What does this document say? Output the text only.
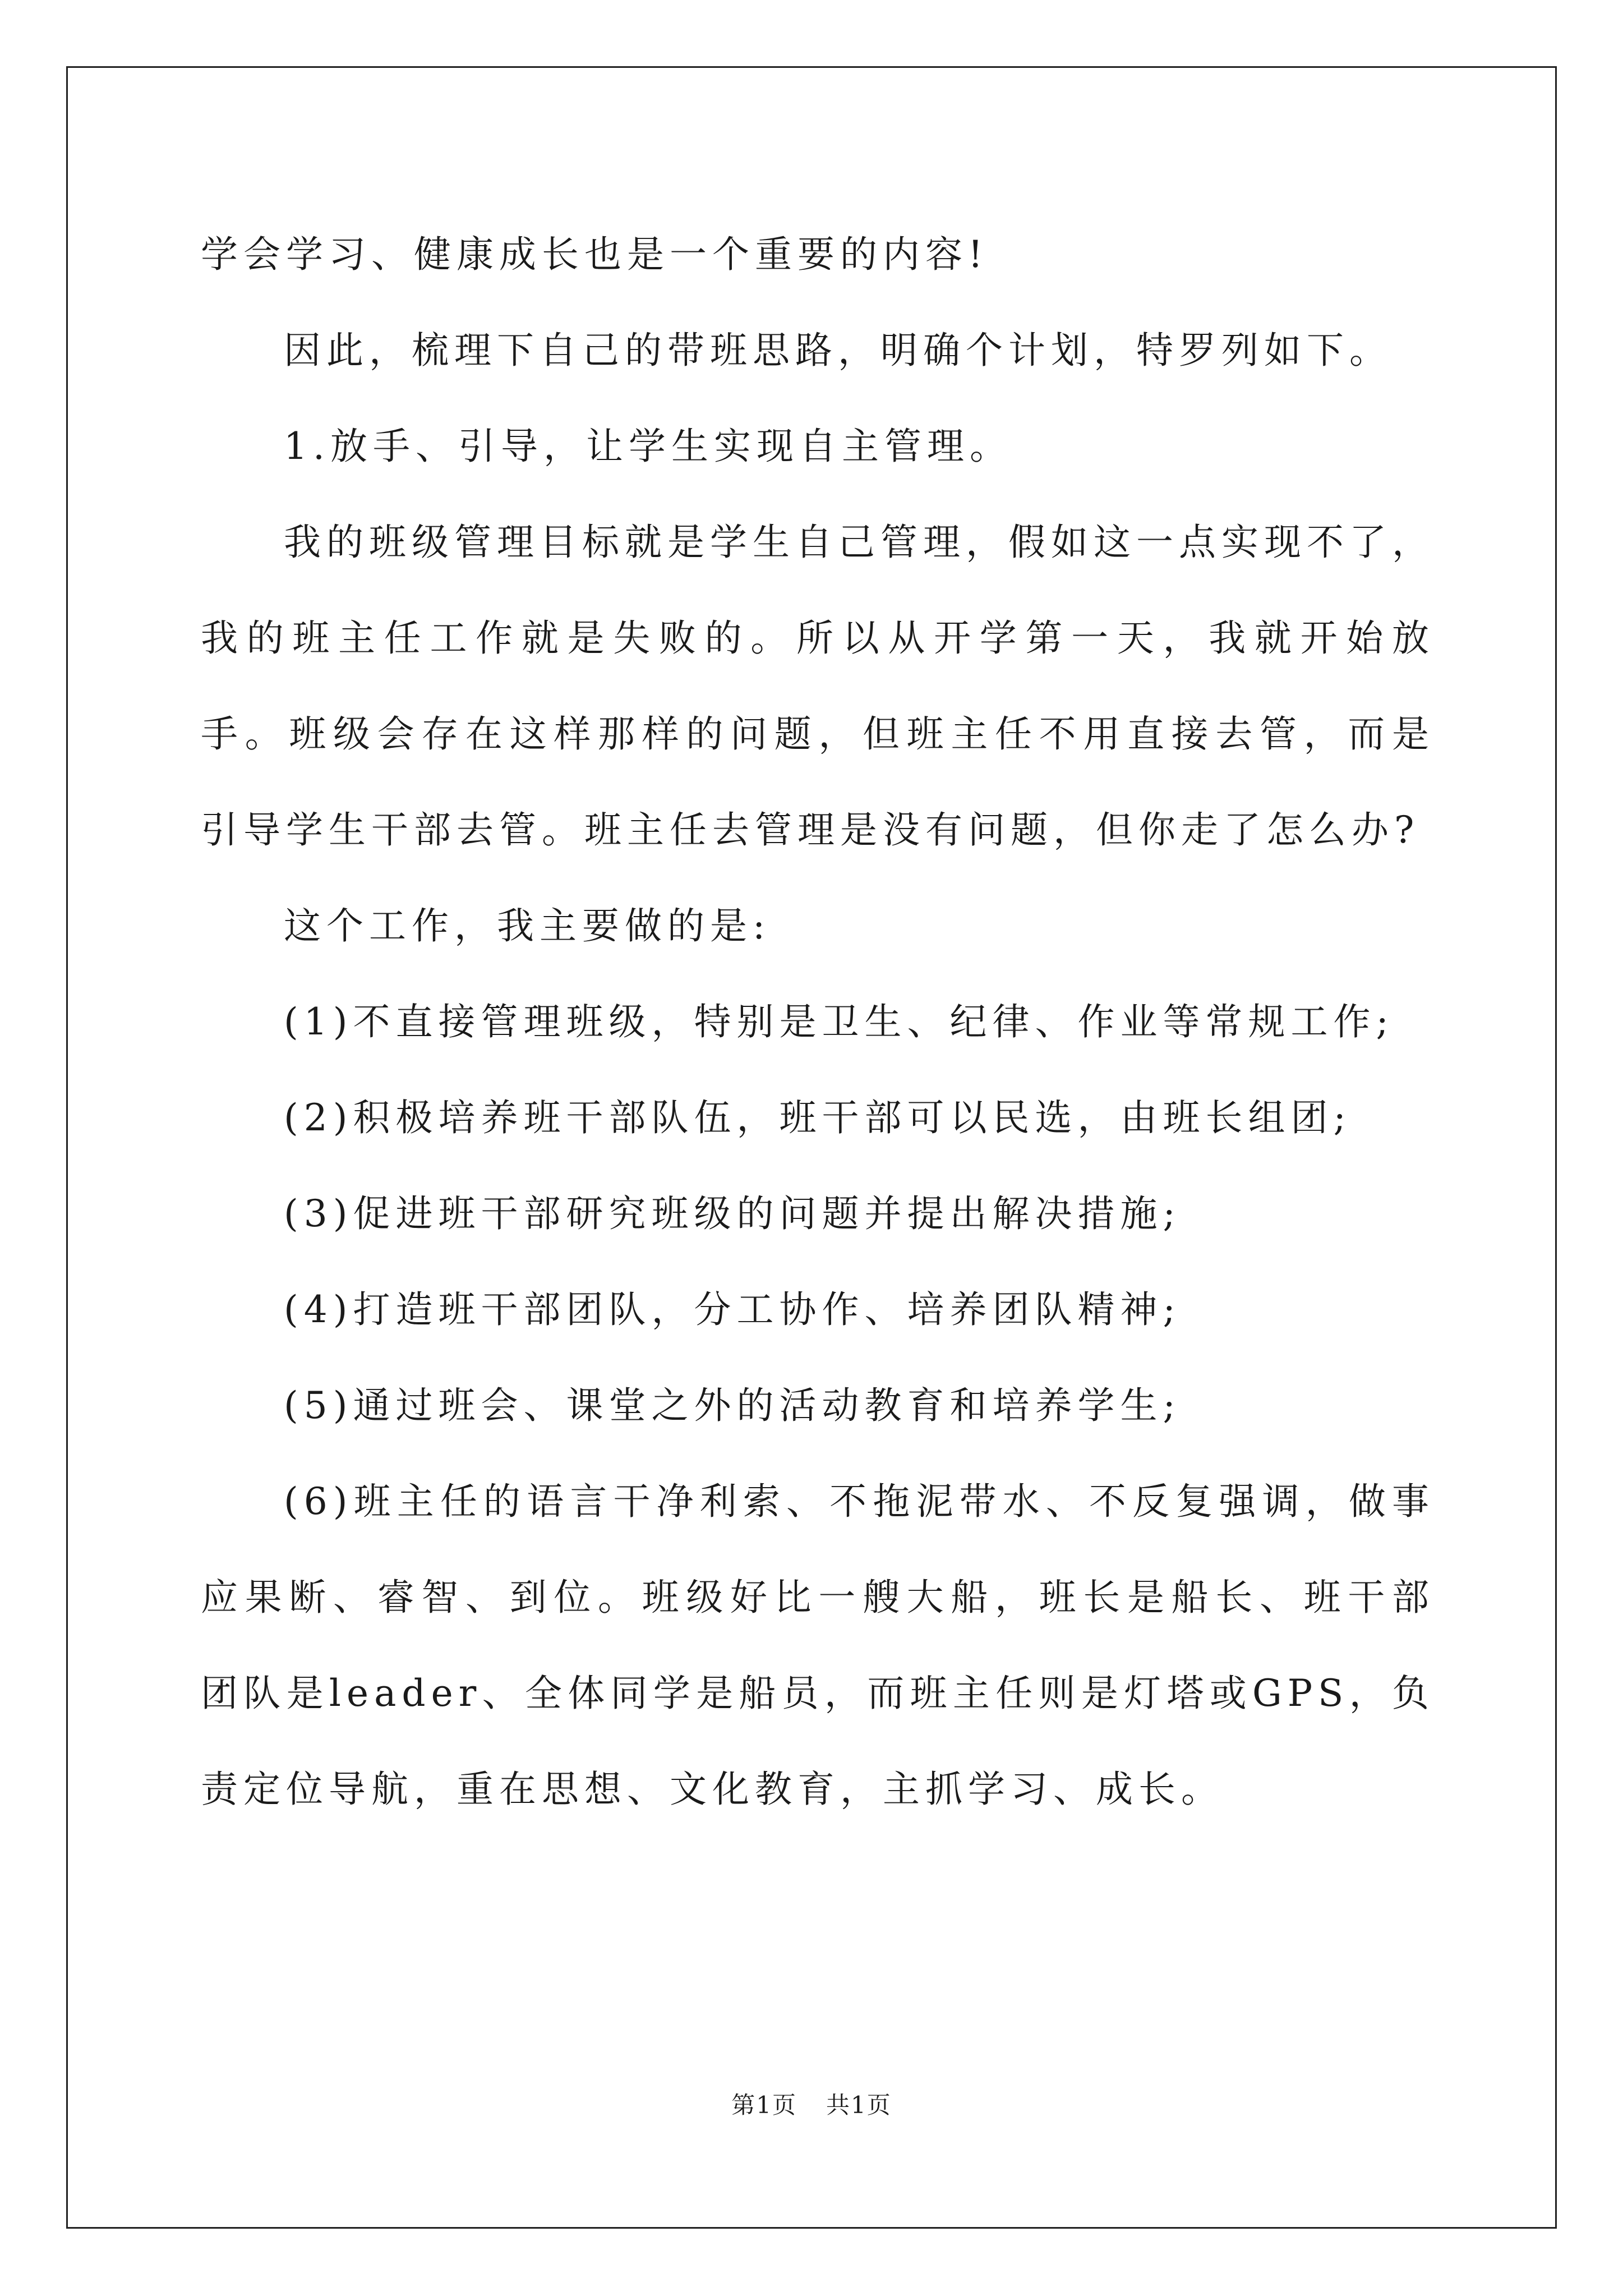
学会学习、健康成长也是一个重要的内容!

因此，梳理下自己的带班思路，明确个计划，特罗列如下。

1.放手、引导，让学生实现自主管理。

我的班级管理目标就是学生自己管理，假如这一点实现不了，我的班主任工作就是失败的。所以从开学第一天，我就开始放手。班级会存在这样那样的问题，但班主任不用直接去管，而是引导学生干部去管。班主任去管理是没有问题，但你走了怎么办?

这个工作，我主要做的是:

(1)不直接管理班级，特别是卫生、纪律、作业等常规工作;

(2)积极培养班干部队伍，班干部可以民选，由班长组团;

(3)促进班干部研究班级的问题并提出解决措施;

(4)打造班干部团队，分工协作、培养团队精神;

(5)通过班会、课堂之外的活动教育和培养学生;

(6)班主任的语言干净利索、不拖泥带水、不反复强调，做事应果断、睿智、到位。班级好比一艘大船，班长是船长、班干部团队是leader、全体同学是船员，而班主任则是灯塔或GPS，负责定位导航，重在思想、文化教育，主抓学习、成长。

第1页 共1页
